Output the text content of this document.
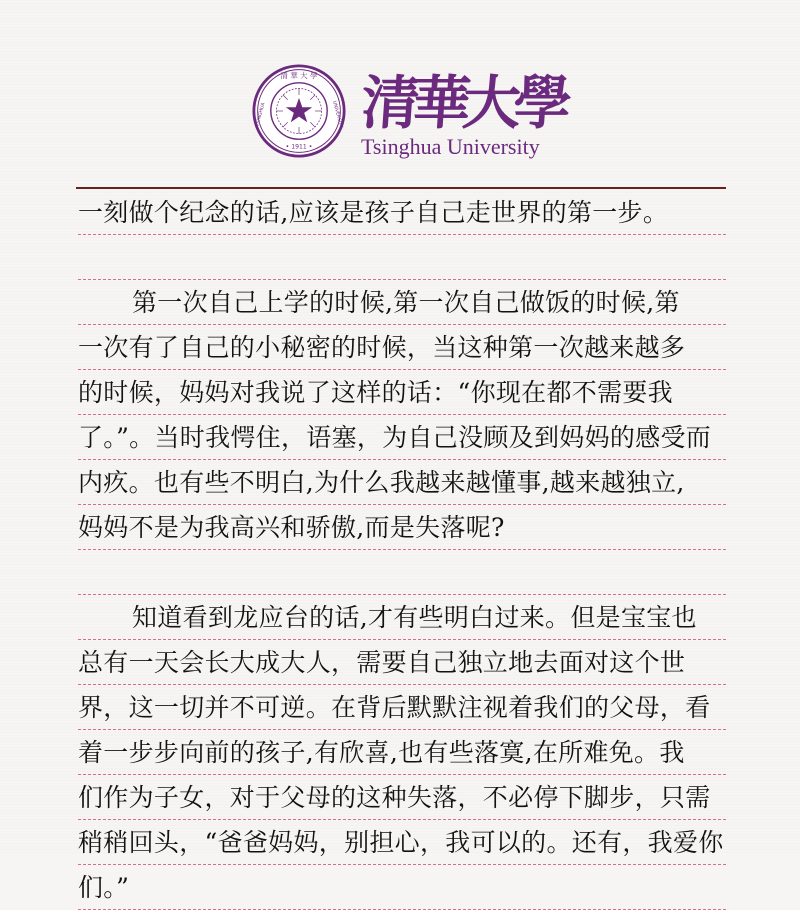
清 華 大 學
TSINGHUA	UNIVERSITY
• 1911 •
清
華
大
學
Tsinghua University
一刻做个纪念的话,应该是孩子自己走世界的第一步。
第一次自己上学的时候,第一次自己做饭的时候,第
一次有了自己的小秘密的时候，当这种第一次越来越多
的时候，妈妈对我说了这样的话：“你现在都不需要我
了。”。当时我愕住，语塞，为自己没顾及到妈妈的感受而
内疚。也有些不明白,为什么我越来越懂事,越来越独立,
妈妈不是为我高兴和骄傲,而是失落呢?
知道看到龙应台的话,才有些明白过来。但是宝宝也
总有一天会长大成大人，需要自己独立地去面对这个世
界，这一切并不可逆。在背后默默注视着我们的父母，看
着一步步向前的孩子,有欣喜,也有些落寞,在所难免。我
们作为子女，对于父母的这种失落，不必停下脚步，只需
稍稍回头，“爸爸妈妈，别担心，我可以的。还有，我爱你
们。”
